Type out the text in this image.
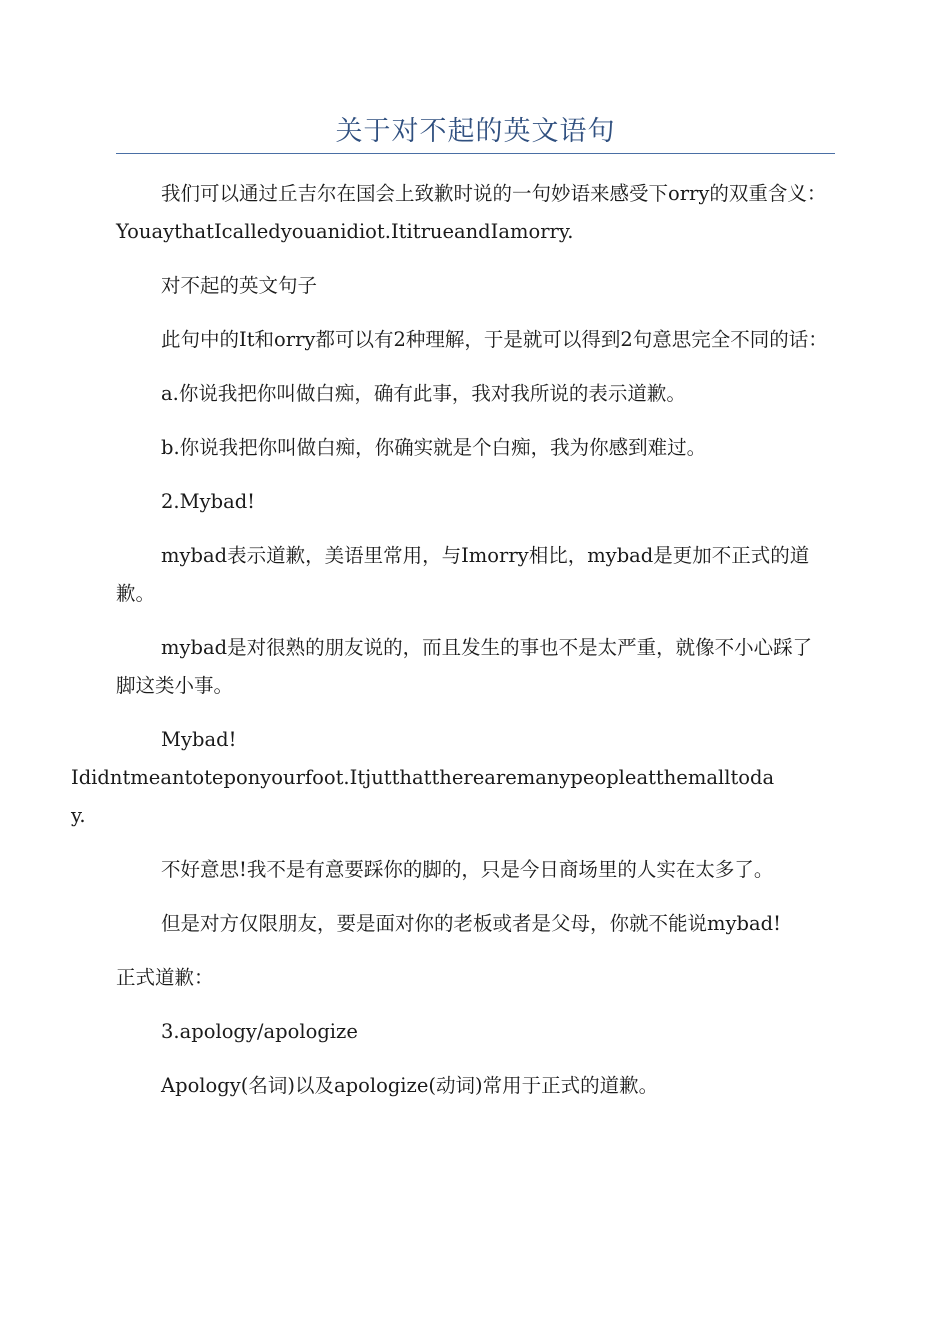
关于对不起的英文语句

我们可以通过丘吉尔在国会上致歉时说的一句妙语来感受下orry的双重含义：YouaythatIcalledyouanidiot.ItitrueandIamorry.

对不起的英文句子

此句中的It和orry都可以有2种理解，于是就可以得到2句意思完全不同的话：

a.你说我把你叫做白痴，确有此事，我对我所说的表示道歉。

b.你说我把你叫做白痴，你确实就是个白痴，我为你感到难过。

2.Mybad!

mybad表示道歉，美语里常用，与Imorry相比，mybad是更加不正式的道歉。

mybad是对很熟的朋友说的，而且发生的事也不是太严重，就像不小心踩了脚这类小事。

Mybad!
Ididntmeantoteponyourfoot.Itjutthattherearemanypeopleatthemalltoday.

不好意思!我不是有意要踩你的脚的，只是今日商场里的人实在太多了。

但是对方仅限朋友，要是面对你的老板或者是父母，你就不能说mybad!

正式道歉：

3.apology/apologize

Apology(名词)以及apologize(动词)常用于正式的道歉。
